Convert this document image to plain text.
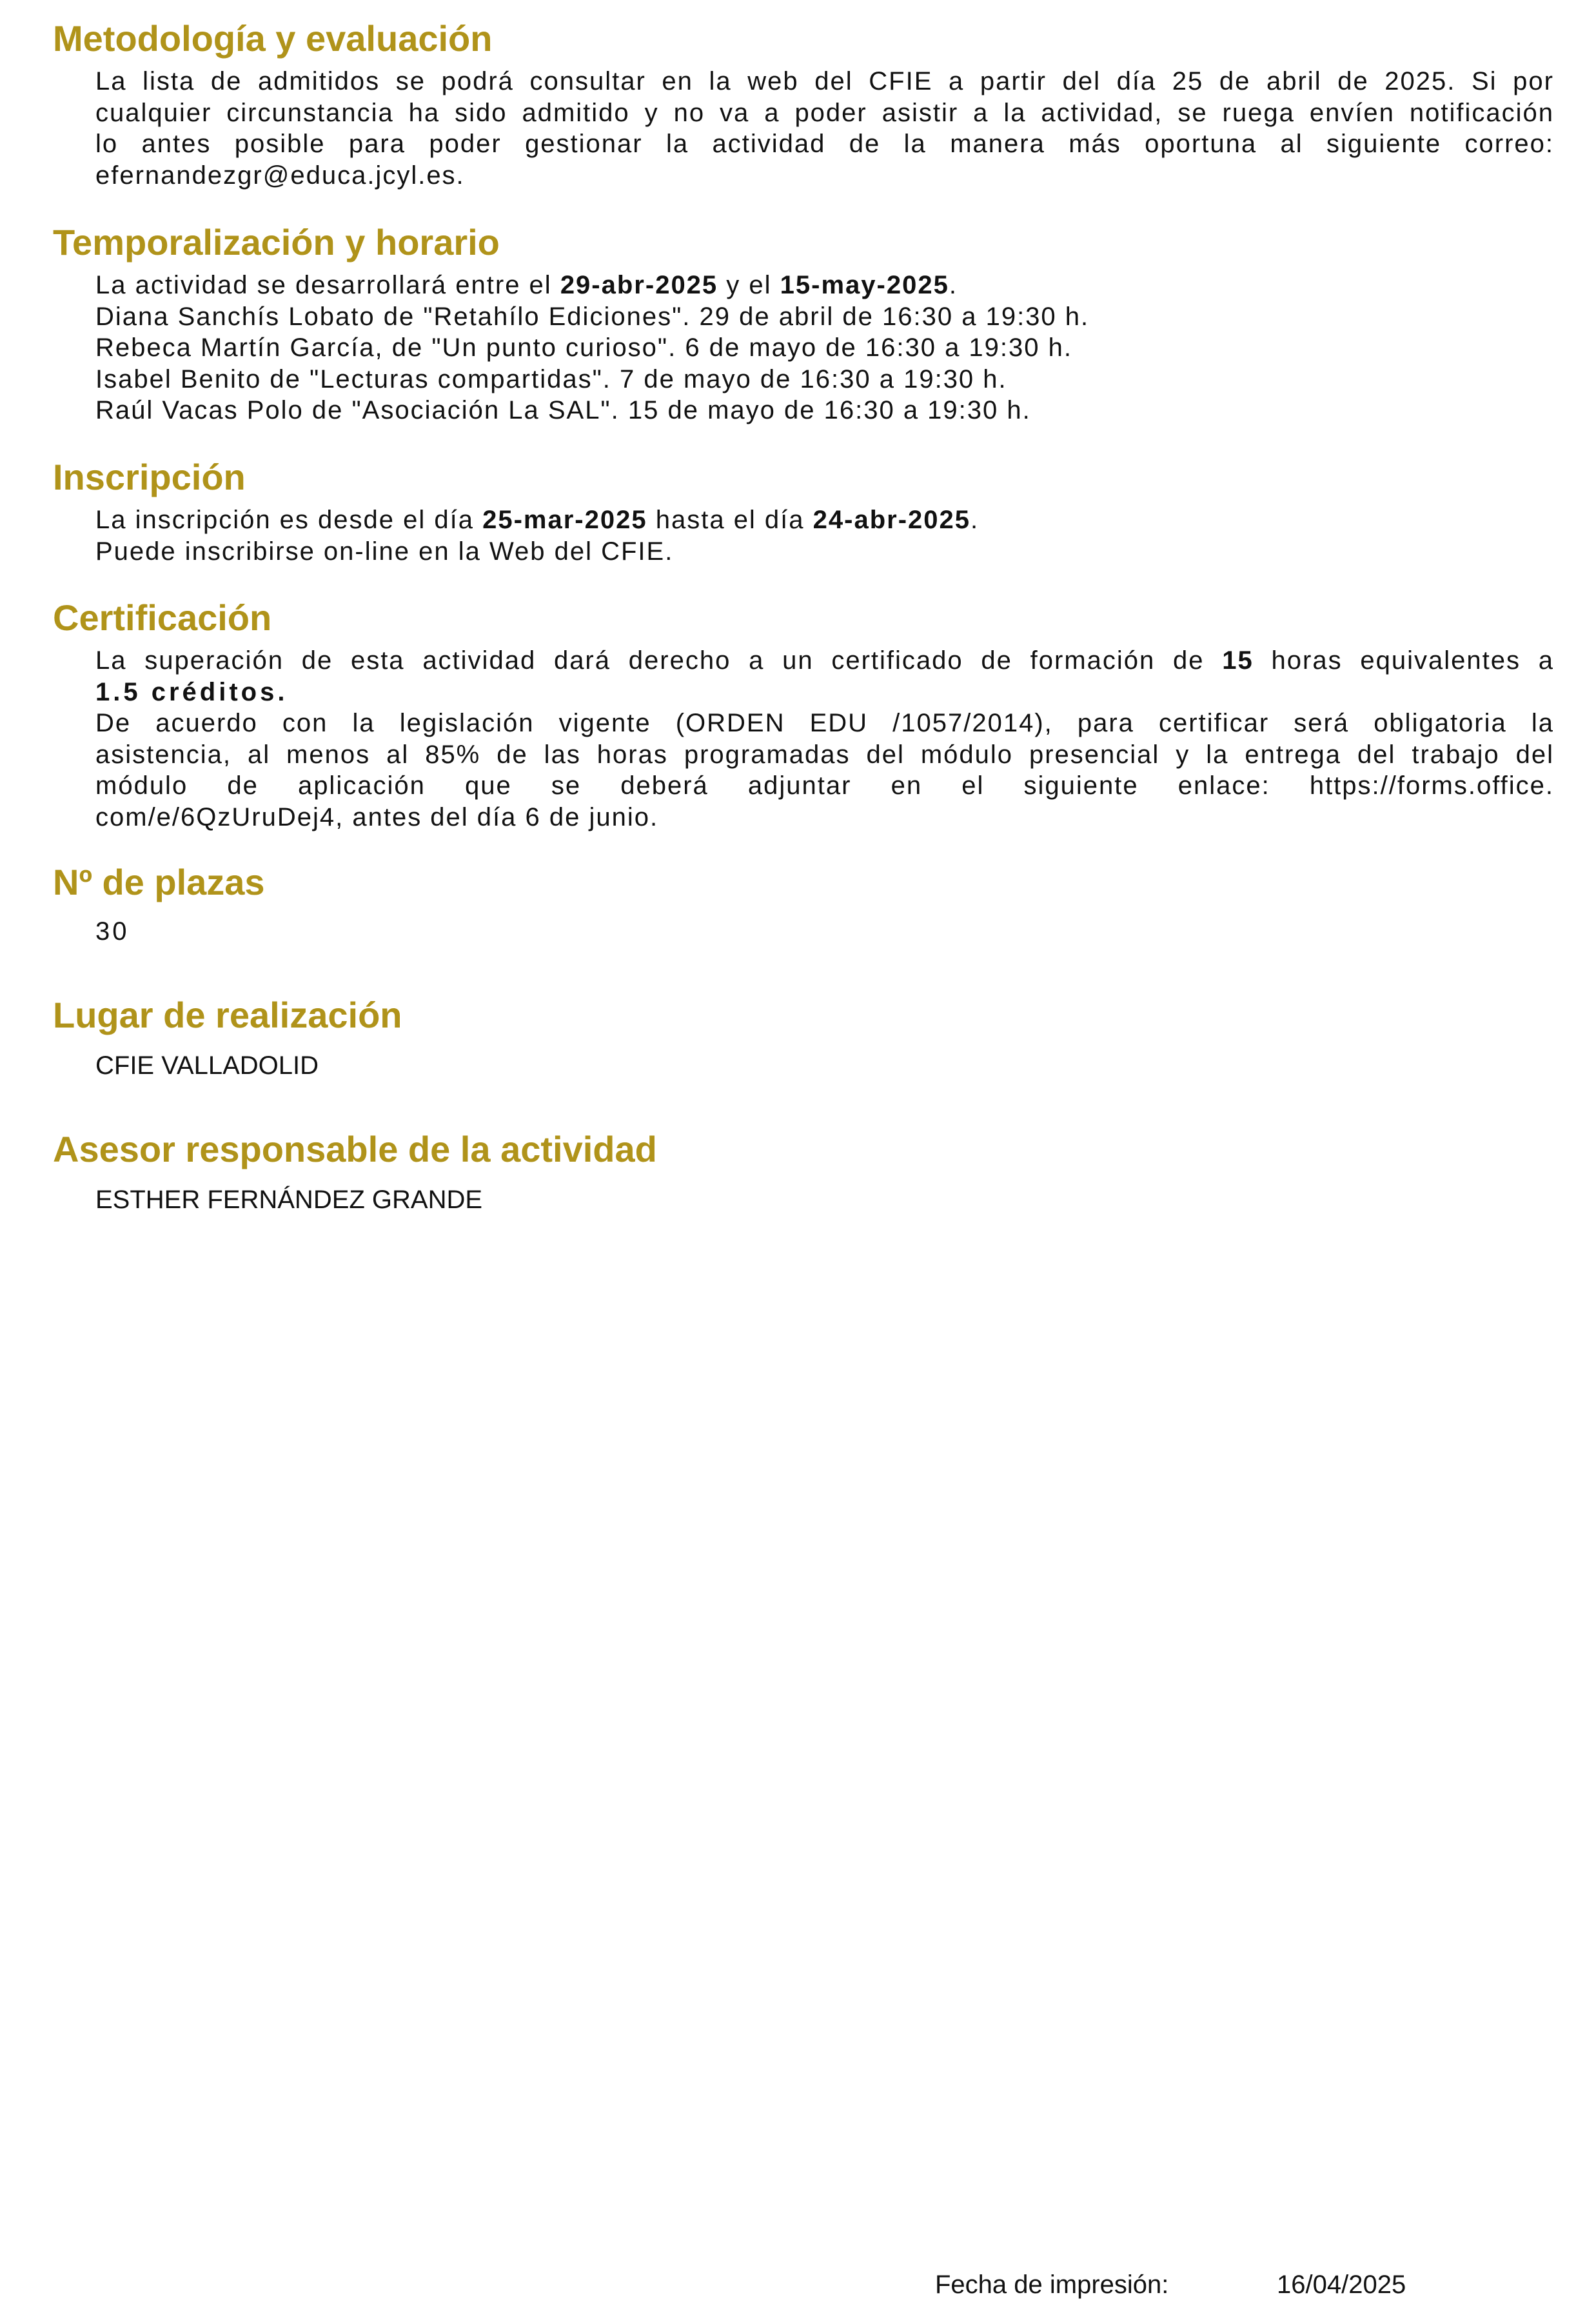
Metodología y evaluación
La lista de admitidos se podrá consultar en la web del CFIE a partir del día 25 de abril de 2025. Si por
cualquier circunstancia ha sido admitido y no va a poder asistir a la actividad, se ruega envíen notificación
lo antes posible para poder gestionar la actividad de la manera más oportuna al siguiente correo:
efernandezgr@educa.jcyl.es.
Temporalización y horario
La actividad se desarrollará entre el 29-abr-2025 y el 15-may-2025.
Diana Sanchís Lobato de "Retahílo Ediciones". 29 de abril de 16:30 a 19:30 h.
Rebeca Martín García, de "Un punto curioso". 6 de mayo de 16:30 a 19:30 h.
Isabel Benito de "Lecturas compartidas". 7 de mayo de 16:30 a 19:30 h.
Raúl Vacas Polo de "Asociación La SAL". 15 de mayo de 16:30 a 19:30 h.
Inscripción
La inscripción es desde el día 25-mar-2025 hasta el día 24-abr-2025.
Puede inscribirse on-line en la Web del CFIE.
Certificación
La superación de esta actividad dará derecho a un certificado de formación de 15 horas equivalentes a
1.5 créditos.
De acuerdo con la legislación vigente (ORDEN EDU /1057/2014), para certificar será obligatoria la
asistencia, al menos al 85% de las horas programadas del módulo presencial y la entrega del trabajo del
módulo de aplicación que se deberá adjuntar en el siguiente enlace: https://forms.office.
com/e/6QzUruDej4, antes del día 6 de junio.
Nº de plazas
30
Lugar de realización
CFIE VALLADOLID
Asesor responsable de la actividad
ESTHER FERNÁNDEZ GRANDE
Fecha de impresión:	16/04/2025
